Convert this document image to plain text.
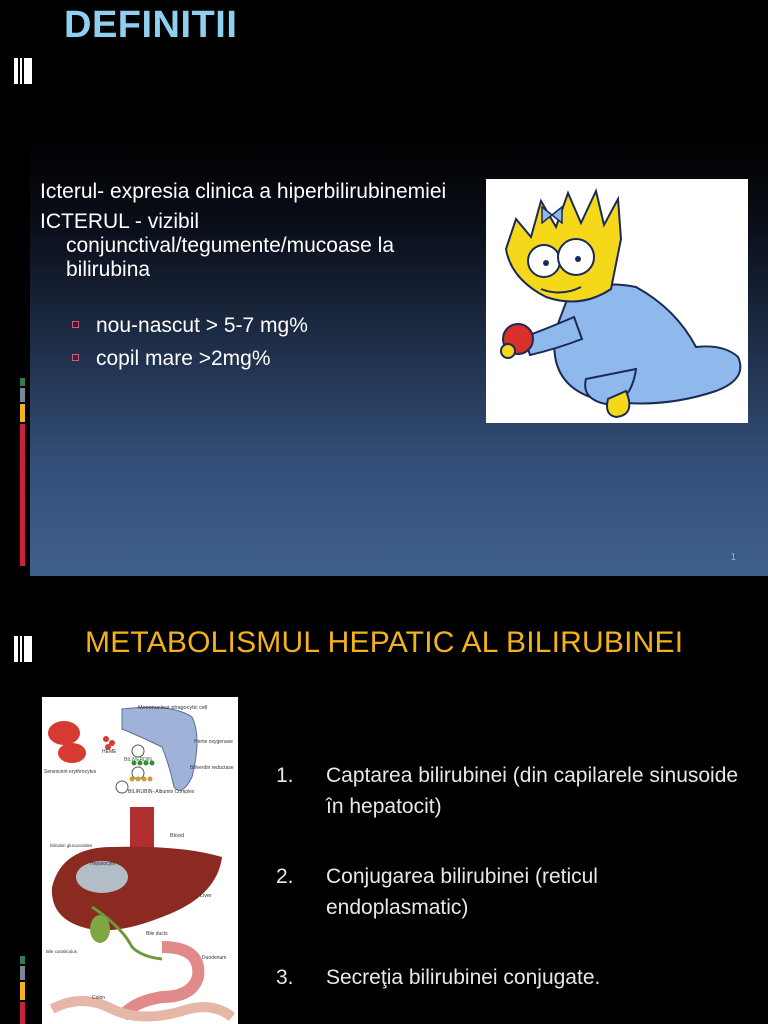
DEFINITII

Icterul- expresia clinica a hiperbilirubinemiei

ICTERUL - vizibil conjunctival/tegumente/mucoase la bilirubina

nou-nascut > 5-7 mg%
copil mare >2mg%
1
METABOLISMUL HEPATIC AL BILIRUBINEI
Mononuclear phagocytic cell
HEME
Heme oxygenase
Senescent erythrocytes
BILIVERDIN
Biliverdin reductase
BILIRUBIN- Albumin Complex
Blood
bilirubin glucuronides
Hepatocyte
Liver
Bile ducts
Bile canaliculus
Duodenum
Colon
1.	Captarea bilirubinei (din capilarele sinusoide în hepatocit)
2.	Conjugarea bilirubinei (reticul endoplasmatic)
3.	Secreţia bilirubinei conjugate.
